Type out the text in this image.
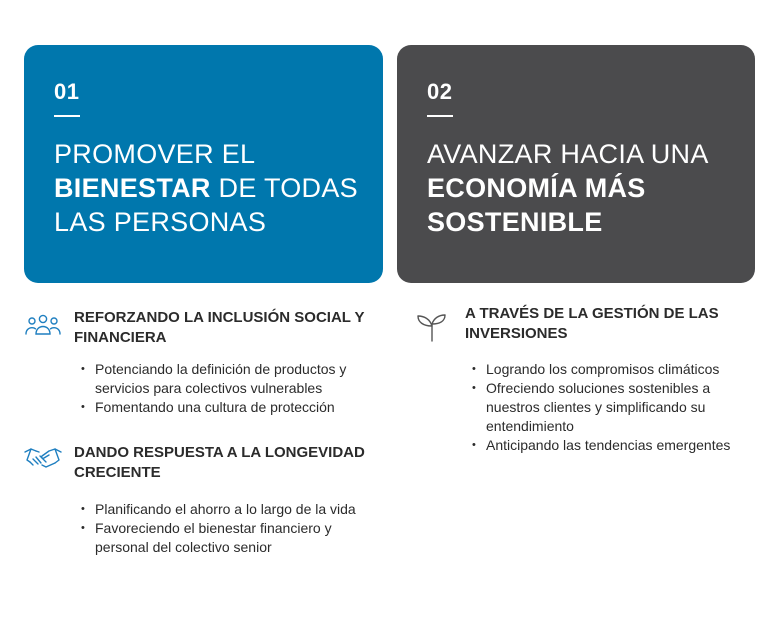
01
PROMOVER EL BIENESTAR DE TODAS LAS PERSONAS
02
AVANZAR HACIA UNA ECONOMÍA MÁS SOSTENIBLE
REFORZANDO LA INCLUSIÓN SOCIAL Y FINANCIERA
• Potenciando la definición de productos y servicios para colectivos vulnerables
• Fomentando una cultura de protección
DANDO RESPUESTA A LA LONGEVIDAD CRECIENTE
• Planificando el ahorro a lo largo de la vida
• Favoreciendo el bienestar financiero y personal del colectivo senior
A TRAVÉS DE LA GESTIÓN DE LAS INVERSIONES
• Logrando los compromisos climáticos
• Ofreciendo soluciones sostenibles a nuestros clientes y simplificando su entendimiento
• Anticipando las tendencias emergentes
